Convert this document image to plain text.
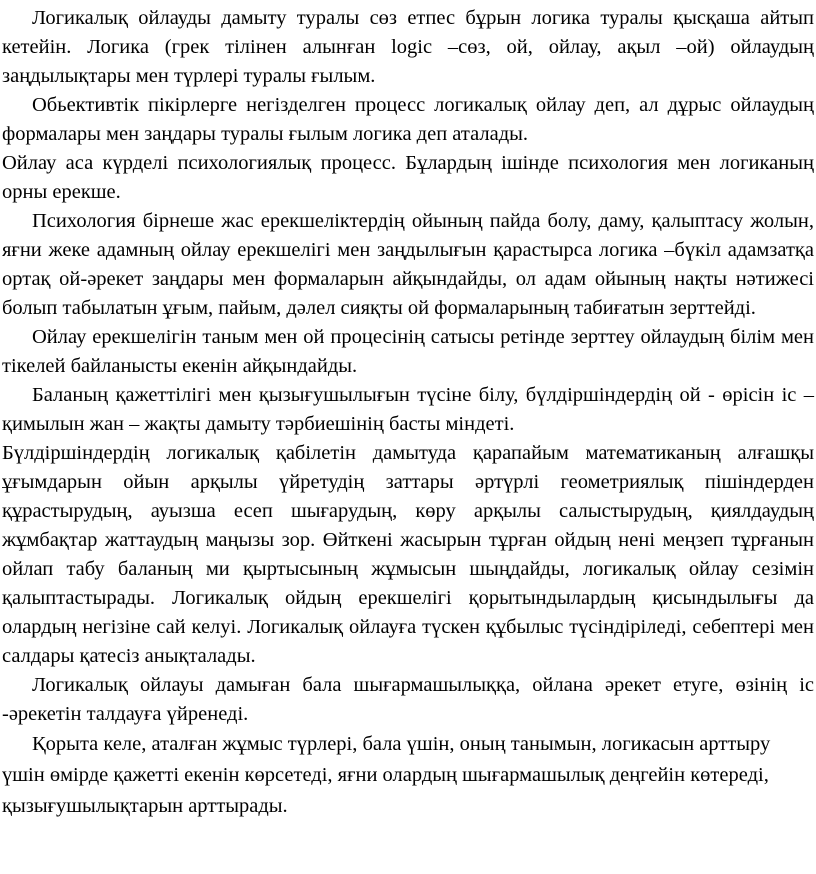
Логикалық ойлауды дамыту туралы сөз етпес бұрын логика туралы қысқаша айтып кетейін. Логика (грек тілінен алынған logic –сөз, ой, ойлау, ақыл –ой) ойлаудың заңдылықтары мен түрлері туралы ғылым.

Обьективтік пікірлерге негізделген процесс логикалық ойлау деп, ал дұрыс ойлаудың формалары мен заңдары туралы ғылым логика деп аталады.

Ойлау аса күрделі психологиялық процесс. Бұлардың ішінде психология мен логиканың орны ерекше.

Психология бірнеше жас ерекшеліктердің ойының пайда болу, даму, қалыптасу жолын, яғни жеке адамның ойлау ерекшелігі мен заңдылығын қарастырса логика –бүкіл адамзатқа ортақ ой-әрекет заңдары мен формаларын айқындайды, ол адам ойының нақты нәтижесі болып табылатын ұғым, пайым, дәлел сияқты ой формаларының табиғатын зерттейді.

Ойлау ерекшелігін таным мен ой процесінің сатысы ретінде зерттеу ойлаудың білім мен тікелей байланысты екенін айқындайды.

Баланың қажеттілігі мен қызығушылығын түсіне білу, бүлдіршіндердің ой - өрісін іс – қимылын жан – жақты дамыту тәрбиешінің басты міндеті.

Бүлдіршіндердің логикалық қабілетін дамытуда қарапайым математиканың алғашқы ұғымдарын ойын арқылы үйретудің заттары әртүрлі геометриялық пішіндерден құрастырудың, ауызша есеп шығарудың, көру арқылы салыстырудың, қиялдаудың жұмбақтар жаттаудың маңызы зор. Өйткені жасырын тұрған ойдың нені меңзеп тұрғанын ойлап табу баланың ми қыртысының жұмысын шыңдайды, логикалық ойлау сезімін қалыптастырады. Логикалық ойдың ерекшелігі қорытындылардың қисындылығы да олардың негізіне сай келуі. Логикалық ойлауға түскен құбылыс түсіндіріледі, себептері мен салдары қатесіз анықталады.

Логикалық ойлауы дамыған бала шығармашылыққа, ойлана әрекет етуге, өзінің іс -әрекетін талдауға үйренеді.

Қорыта келе, аталған жұмыс түрлері, бала үшін, оның танымын, логикасын арттыру үшін өмірде қажетті екенін көрсетеді, яғни олардың шығармашылық деңгейін көтереді, қызығушылықтарын арттырады.
